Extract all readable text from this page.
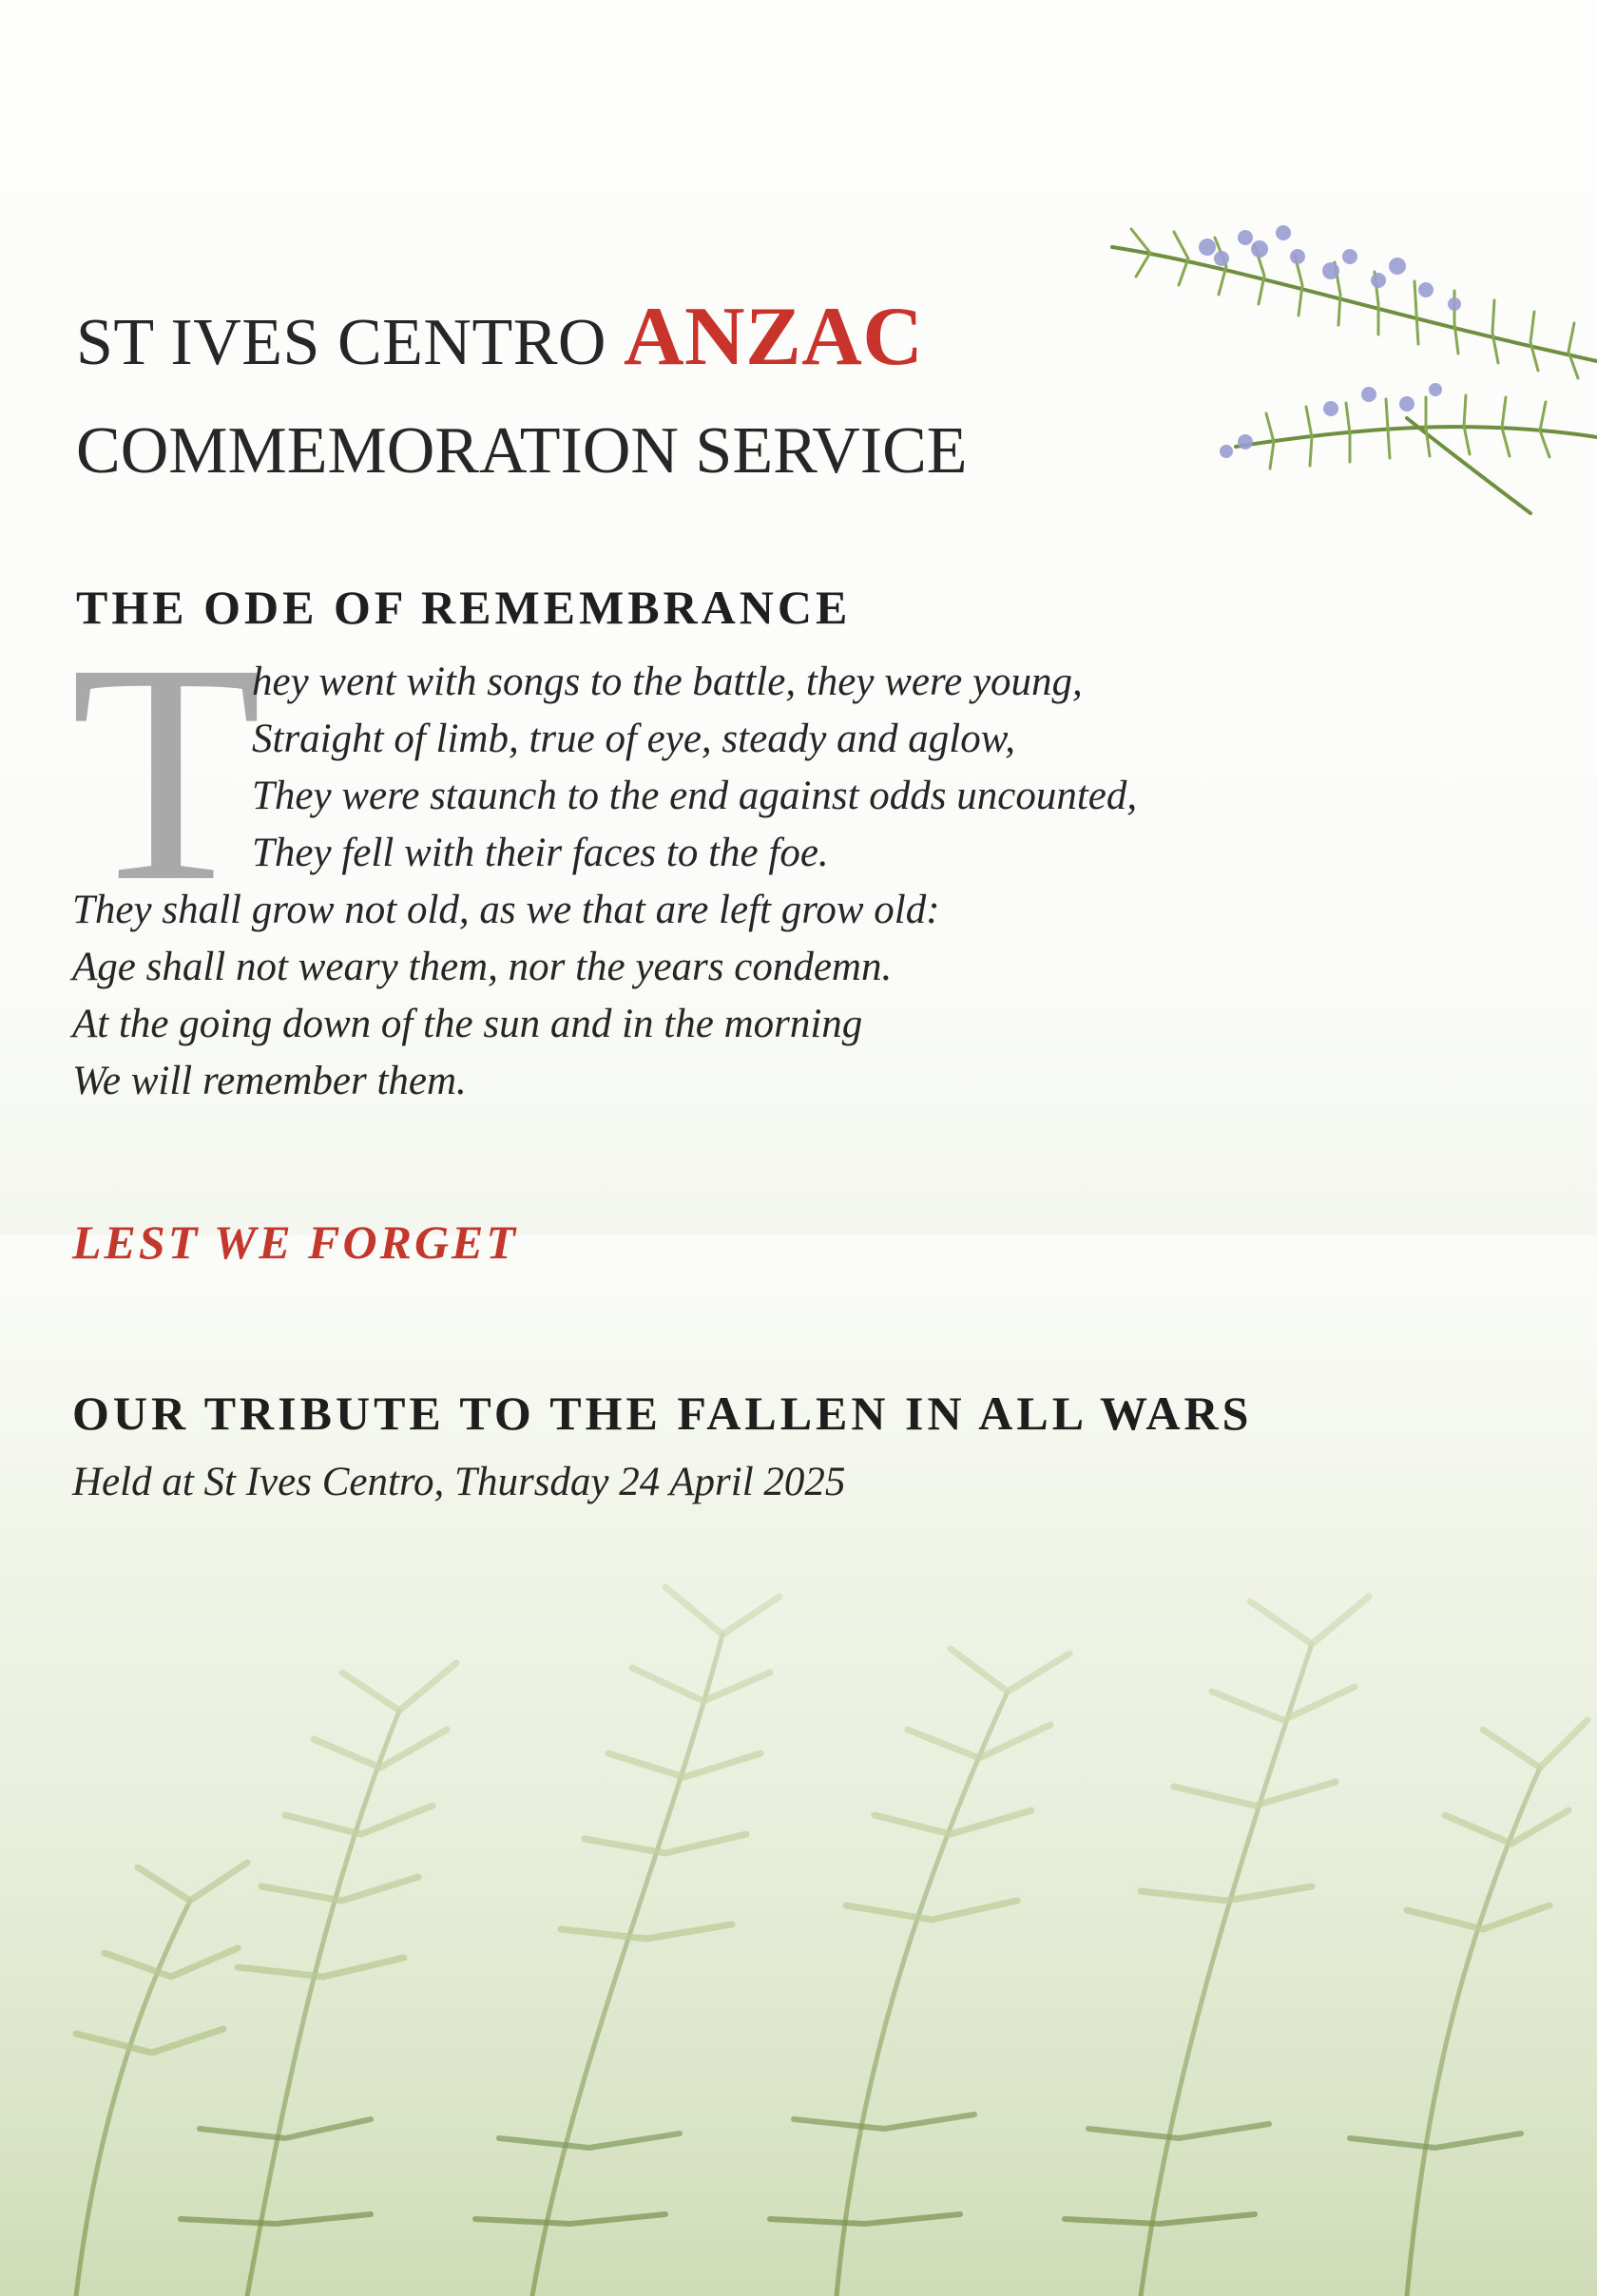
ST IVES CENTRO ANZAC
COMMEMORATION SERVICE
THE ODE OF REMEMBRANCE
T
hey went with songs to the battle, they were young,
Straight of limb, true of eye, steady and aglow,
They were staunch to the end against odds uncounted,
They fell with their faces to the foe.
They shall grow not old, as we that are left grow old:
Age shall not weary them, nor the years condemn.
At the going down of the sun and in the morning
We will remember them.
LEST WE FORGET
OUR TRIBUTE TO THE FALLEN IN ALL WARS
Held at St Ives Centro, Thursday 24 April 2025
